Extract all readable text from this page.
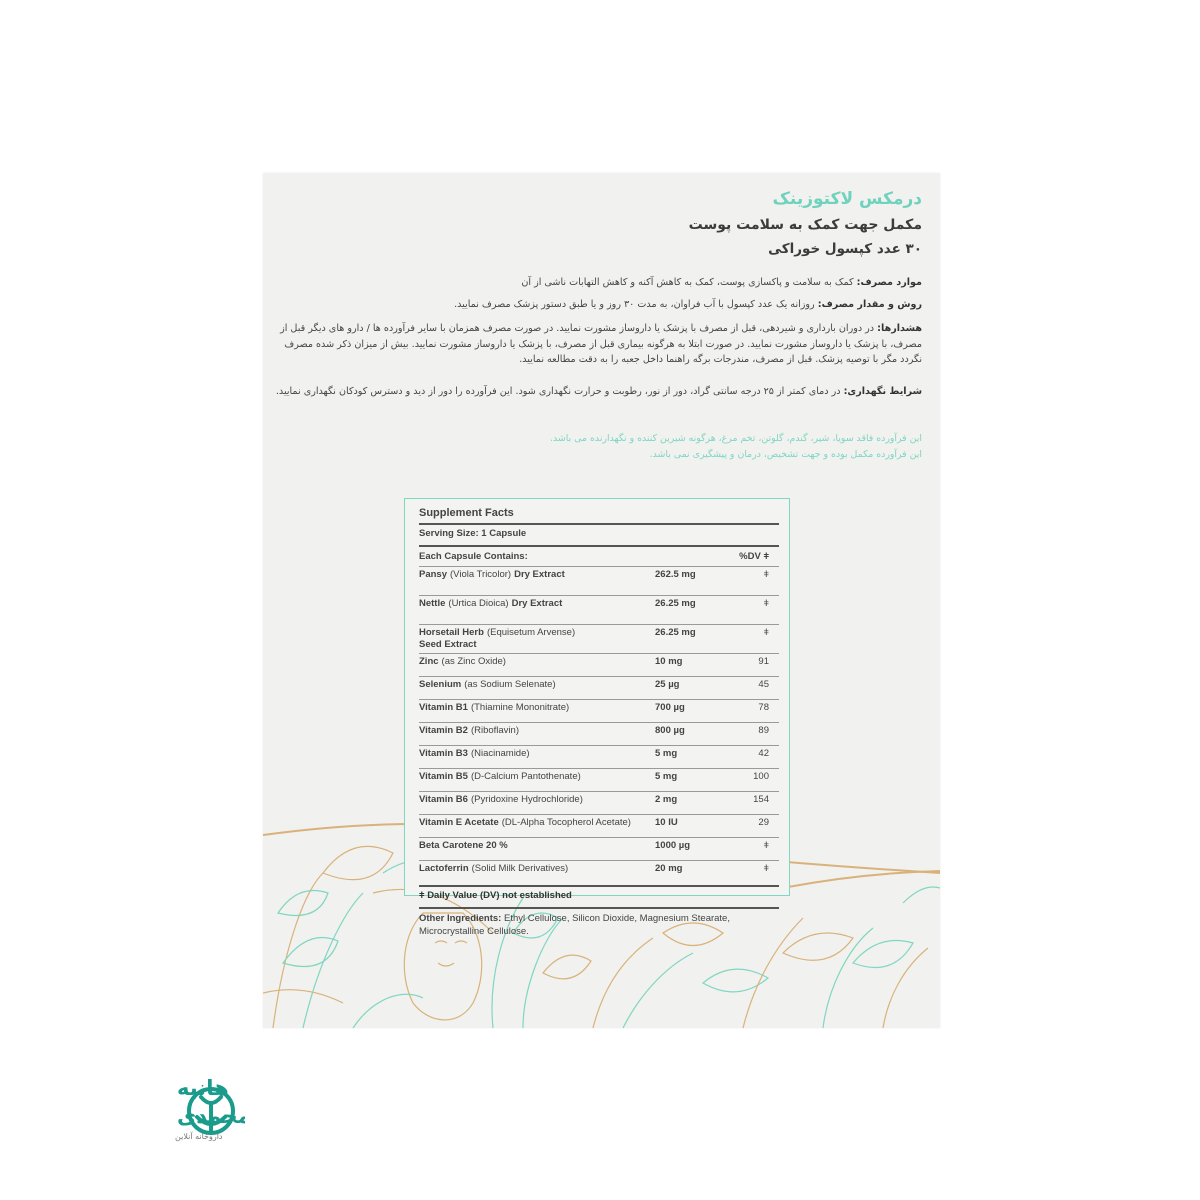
درمکس لاکتوزینک
مکمل جهت کمک به سلامت پوست
۳۰ عدد کپسول خوراکی
موارد مصرف: کمک به سلامت و پاکسازی پوست، کمک به کاهش آکنه و کاهش التهابات ناشی از آن
روش و مقدار مصرف: روزانه یک عدد کپسول با آب فراوان، به مدت ۳۰ روز و یا طبق دستور پزشک مصرف نمایید.
هشدارها: در دوران بارداری و شیردهی، قبل از مصرف با پزشک یا داروساز مشورت نمایید. در صورت مصرف همزمان با سایر فرآورده ها / دارو های دیگر قبل از مصرف، با پزشک یا داروساز مشورت نمایید. در صورت ابتلا به هرگونه بیماری قبل از مصرف، با پزشک یا داروساز مشورت نمایید. بیش از میزان ذکر شده مصرف نگردد مگر با توصیه پزشک. قبل از مصرف، مندرجات برگه راهنما داخل جعبه را به دقت مطالعه نمایید.
شرایط نگهداری: در دمای کمتر از ۲۵ درجه سانتی گراد، دور از نور، رطوبت و حرارت نگهداری شود. این فرآورده را دور از دید و دسترس کودکان نگهداری نمایید.
این فرآورده فاقد سویا، شیر، گندم، گلوتن، تخم مرغ، هرگونه شیرین کننده و نگهدارنده می باشد.
این فرآورده مکمل بوده و جهت تشخیص، درمان و پیشگیری نمی باشد.
Supplement Facts
Serving Size: 1 Capsule
Each Capsule Contains:	%DV ǂ
Pansy (Viola Tricolor) Dry Extract	262.5 mg	ǂ
Nettle (Urtica Dioica) Dry Extract	26.25 mg	ǂ
Horsetail Herb (Equisetum Arvense)
Seed Extract
26.25 mg	ǂ
Zinc (as Zinc Oxide)	10 mg	91
Selenium (as Sodium Selenate)	25 µg	45
Vitamin B1 (Thiamine Mononitrate)	700 µg	78
Vitamin B2 (Riboflavin)	800 µg	89
Vitamin B3 (Niacinamide)	5 mg	42
Vitamin B5 (D-Calcium Pantothenate)	5 mg	100
Vitamin B6 (Pyridoxine Hydrochloride)	2 mg	154
Vitamin E Acetate (DL-Alpha Tocopherol Acetate)	10 IU	29
Beta Carotene 20 %	1000 µg	ǂ
Lactoferrin (Solid Milk Derivatives)	20 mg	ǂ
ǂ Daily Value (DV) not established
Other Ingredients: Ethyl Cellulose, Silicon Dioxide, Magnesium Stearate, Microcrystalline Cellulose.
هانیه
محمدی
داروخانه آنلاین
